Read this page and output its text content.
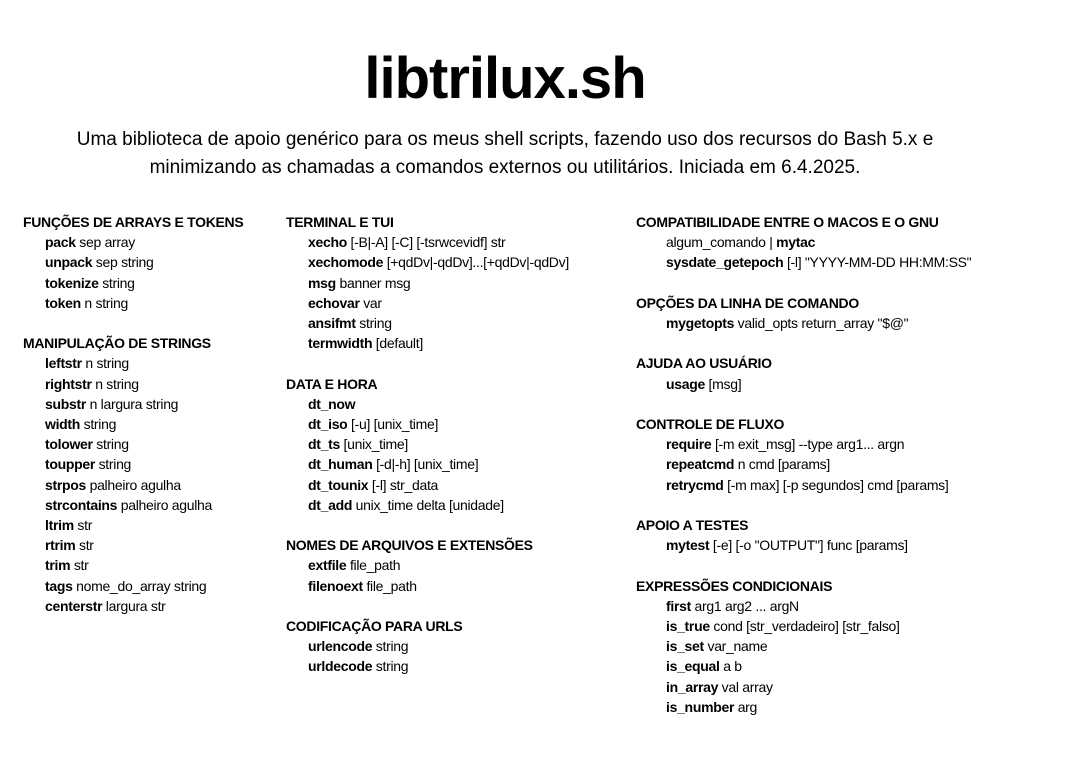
libtrilux.sh
Uma biblioteca de apoio genérico para os meus shell scripts, fazendo uso dos recursos do Bash 5.x e minimizando as chamadas a comandos externos ou utilitários. Iniciada em 6.4.2025.
FUNÇÕES DE ARRAYS E TOKENS
pack sep array
unpack sep string
tokenize string
token n string
MANIPULAÇÃO DE STRINGS
leftstr n string
rightstr n string
substr n largura string
width string
tolower string
toupper string
strpos palheiro agulha
strcontains palheiro agulha
ltrim str
rtrim str
trim str
tags nome_do_array string
centerstr largura str
TERMINAL E TUI
xecho [-B|-A] [-C] [-tsrwcevidf] str
xechomode [+qdDv|-qdDv]...[+qdDv|-qdDv]
msg banner msg
echovar var
ansifmt string
termwidth [default]
DATA E HORA
dt_now
dt_iso [-u] [unix_time]
dt_ts [unix_time]
dt_human [-d|-h] [unix_time]
dt_tounix [-l] str_data
dt_add unix_time delta [unidade]
NOMES DE ARQUIVOS E EXTENSÕES
extfile file_path
filenoext file_path
CODIFICAÇÃO PARA URLS
urlencode string
urldecode string
COMPATIBILIDADE ENTRE O MACOS E O GNU
algum_comando | mytac
sysdate_getepoch [-l] "YYYY-MM-DD HH:MM:SS"
OPÇÕES DA LINHA DE COMANDO
mygetopts valid_opts return_array "$@"
AJUDA AO USUÁRIO
usage [msg]
CONTROLE DE FLUXO
require [-m exit_msg] --type arg1... argn
repeatcmd n cmd [params]
retrycmd [-m max] [-p segundos] cmd [params]
APOIO A TESTES
mytest [-e] [-o "OUTPUT"] func [params]
EXPRESSÕES CONDICIONAIS
first arg1 arg2 ... argN
is_true cond [str_verdadeiro] [str_falso]
is_set var_name
is_equal a b
in_array val array
is_number arg
